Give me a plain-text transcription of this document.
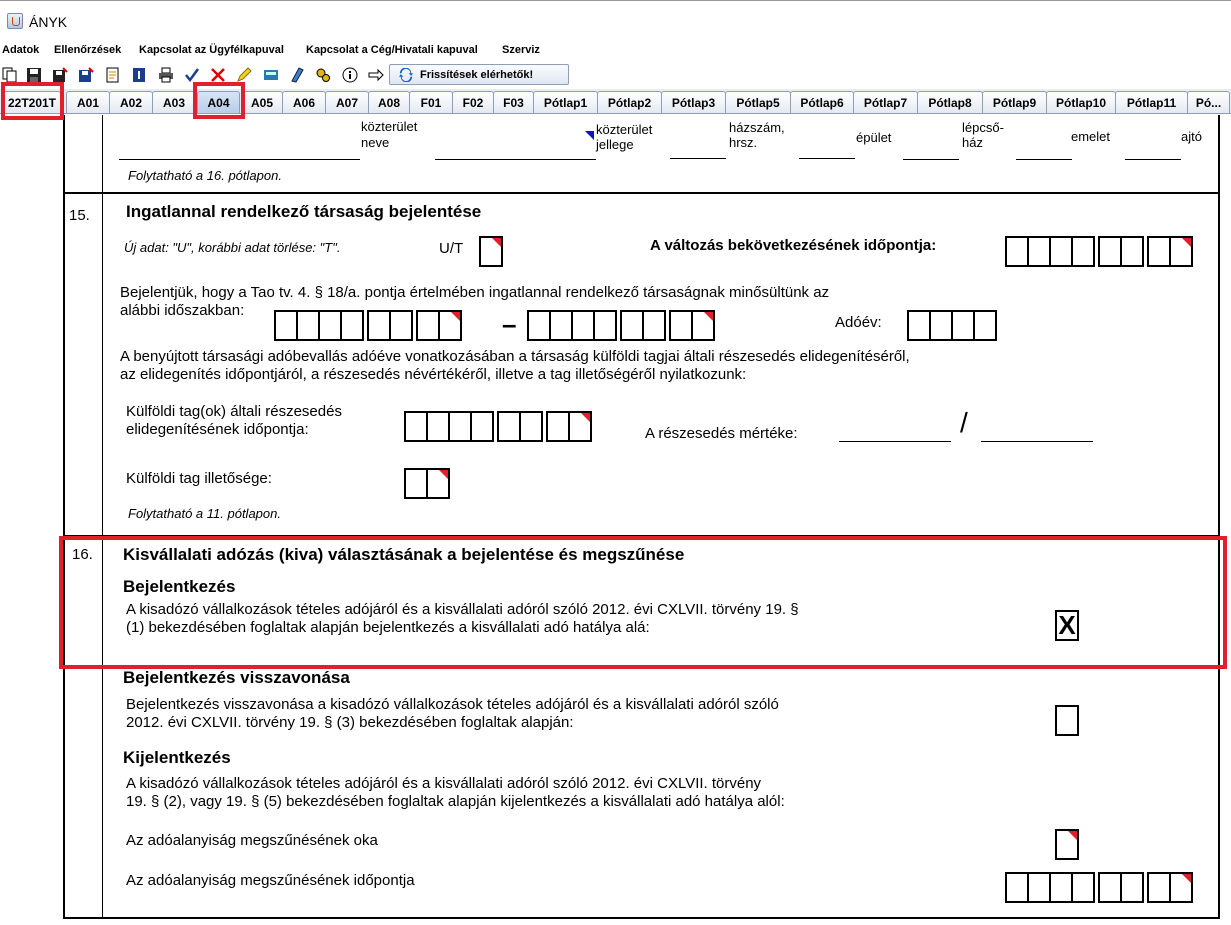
ÁNYK
Adatok Ellenőrzések Kapcsolat az Ügyfélkapuval Kapcsolat a Cég/Hivatali kapuval Szerviz
Frissítések elérhetők!
22T201T	A01	A02	A03	A04	A05	A06	A07	A08	F01	F02	F03	Pótlap1	Pótlap2	Pótlap3	Pótlap5	Pótlap6	Pótlap7	Pótlap8	Pótlap9	Pótlap10	Pótlap11	Pó...
közterület
neve
közterület
jellege
házszám,
hrsz.	épület
lépcső-
ház	emelet	ajtó
Folytatható a 16. pótlapon.
15. Ingatlannal rendelkező társaság bejelentése
Új adat: "U", korábbi adat törlése: "T".	U/T	A változás bekövetkezésének időpontja:
Bejelentjük, hogy a Tao tv. 4. § 18/a. pontja értelmében ingatlannal rendelkező társaságnak minősültünk az
alábbi időszakban:	–	Adóév:
A benyújtott társasági adóbevallás adóéve vonatkozásában a társaság külföldi tagjai általi részesedés elidegenítéséről,
az elidegenítés időpontjáról, a részesedés névértékéről, illetve a tag illetőségéről nyilatkozunk:
Külföldi tag(ok) általi részesedés
elidegenítésének időpontja:	A részesedés mértéke:	/
Külföldi tag illetősége:
Folytatható a 11. pótlapon.
16. Kisvállalati adózás (kiva) választásának a bejelentése és megszűnése
Bejelentkezés
A kisadózó vállalkozások tételes adójáról és a kisvállalati adóról szóló 2012. évi CXLVII. törvény 19. §
(1) bekezdésében foglaltak alapján bejelentkezés a kisvállalati adó hatálya alá:	X
Bejelentkezés visszavonása
Bejelentkezés visszavonása a kisadózó vállalkozások tételes adójáról és a kisvállalati adóról szóló
2012. évi CXLVII. törvény 19. § (3) bekezdésében foglaltak alapján:
Kijelentkezés
A kisadózó vállalkozások tételes adójáról és a kisvállalati adóról szóló 2012. évi CXLVII. törvény
19. § (2), vagy 19. § (5) bekezdésében foglaltak alapján kijelentkezés a kisvállalati adó hatálya alól:
Az adóalanyiság megszűnésének oka
Az adóalanyiság megszűnésének időpontja
